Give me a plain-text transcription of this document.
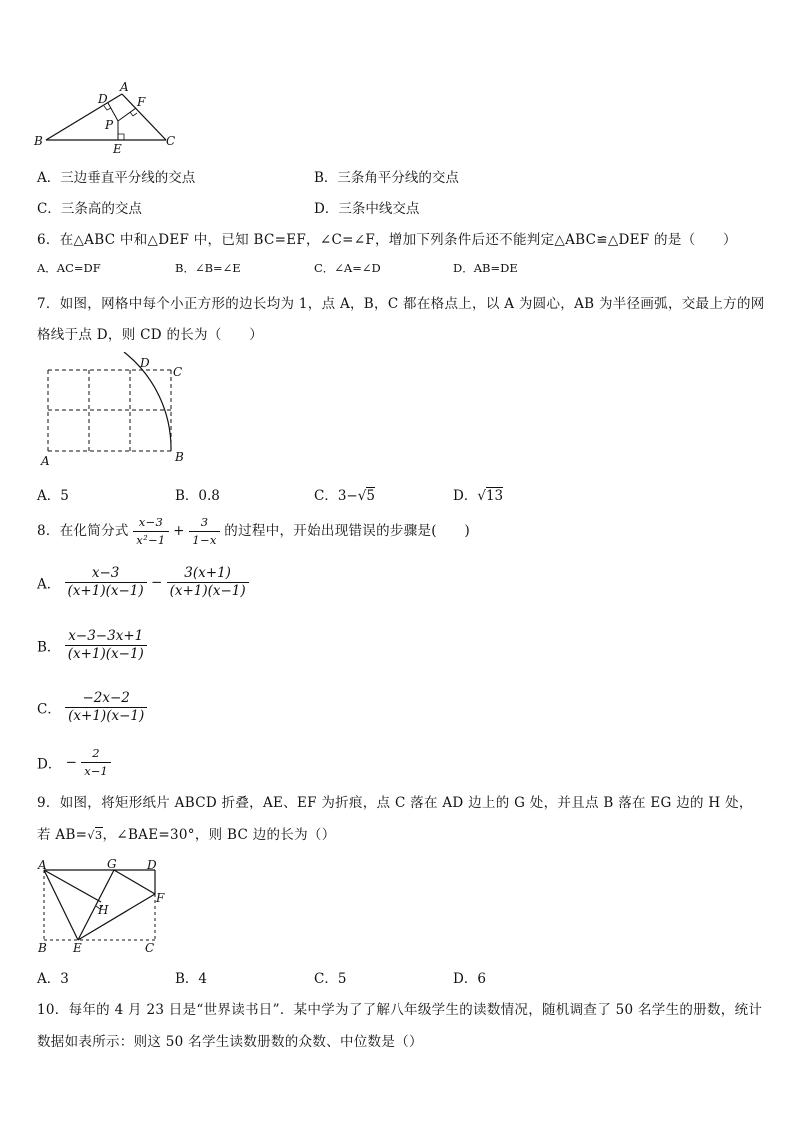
A
D F
P
B	C
E
A．三边垂直平分线的交点	B．三条角平分线的交点
C．三条高的交点	D．三条中线交点
6．在△ABC 中和△DEF 中，已知 BC=EF，∠C=∠F，增加下列条件后还不能判定△ABC≌△DEF 的是（　　）
A．AC=DF	B．∠B=∠E	C．∠A=∠D	D．AB=DE
7．如图，网格中每个小正方形的边长均为 1，点 A，B，C 都在格点上，以 A 为圆心，AB 为半径画弧，交最上方的网
格线于点 D，则 CD 的长为（　　）
D
C
A	B
A．5	B．0.8	C．3−√5	D．√13
8．在化简分式 $\frac{x-3}{\text{x²−1}} + \frac{3}{1-x}$ 的过程中，开始出现错误的步骤是(　　)
A． $\frac{x-3}{(x+1)(x-1)} - \frac{3(x+1)}{(x+1)(x-1)}$
B． $\frac{x-3-3x+1}{(x+1)(x-1)}$
C． $\frac{-2x-2}{(x+1)(x-1)}$
D． − $\frac{2}{x-1}$
9．如图，将矩形纸片 ABCD 折叠，AE、EF 为折痕，点 C 落在 AD 边上的 G 处，并且点 B 落在 EG 边的 H 处，
若 AB=√3，∠BAE=30°，则 BC 边的长为（）
A	G	D
F
H
B E	C
A．3	B．4	C．5	D．6
10．每年的 4 月 23 日是“世界读书日”．某中学为了了解八年级学生的读数情况，随机调查了 50 名学生的册数，统计
数据如表所示：则这 50 名学生读数册数的众数、中位数是（）
